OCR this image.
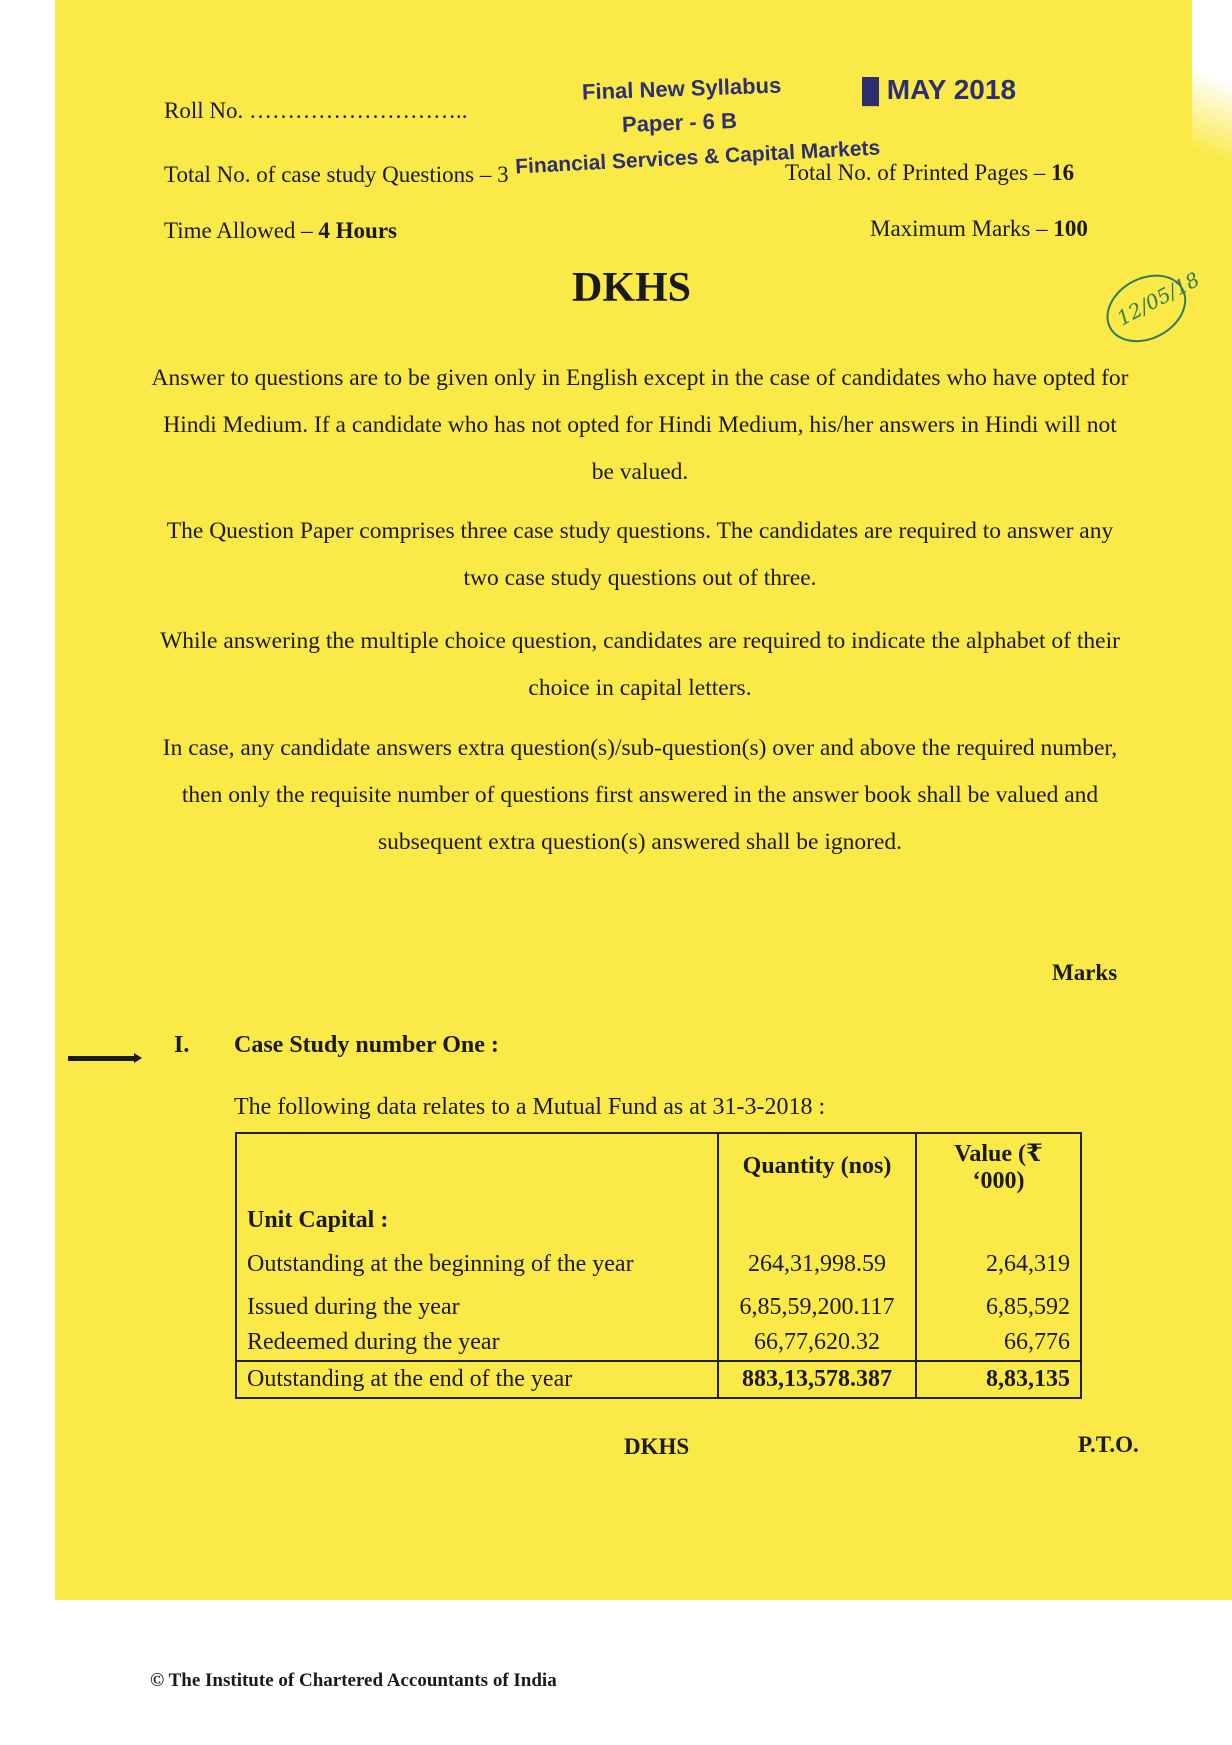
Roll No. ………………………..
Final New Syllabus
Paper - 6 B
Financial Services & Capital Markets
█ MAY 2018
Total No. of case study Questions – 3	Total No. of Printed Pages – 16
Time Allowed – 4 Hours	Maximum Marks – 100
DKHS	12/05/18
Answer to questions are to be given only in English except in the case of candidates who have opted for Hindi Medium. If a candidate who has not opted for Hindi Medium, his/her answers in Hindi will not be valued.
The Question Paper comprises three case study questions. The candidates are required to answer any two case study questions out of three.
While answering the multiple choice question, candidates are required to indicate the alphabet of their choice in capital letters.
In case, any candidate answers extra question(s)/sub-question(s) over and above the required number, then only the requisite number of questions first answered in the answer book shall be valued and subsequent extra question(s) answered shall be ignored.
Marks
I. Case Study number One :
The following data relates to a Mutual Fund as at 31-3-2018 :
	Quantity (nos)	Value (₹ ‘000)
Unit Capital :		
Outstanding at the beginning of the year	264,31,998.59	2,64,319
Issued during the year	6,85,59,200.117	6,85,592
Redeemed during the year	66,77,620.32	66,776
Outstanding at the end of the year	883,13,578.387	8,83,135
DKHS	P.T.O.
© The Institute of Chartered Accountants of India
